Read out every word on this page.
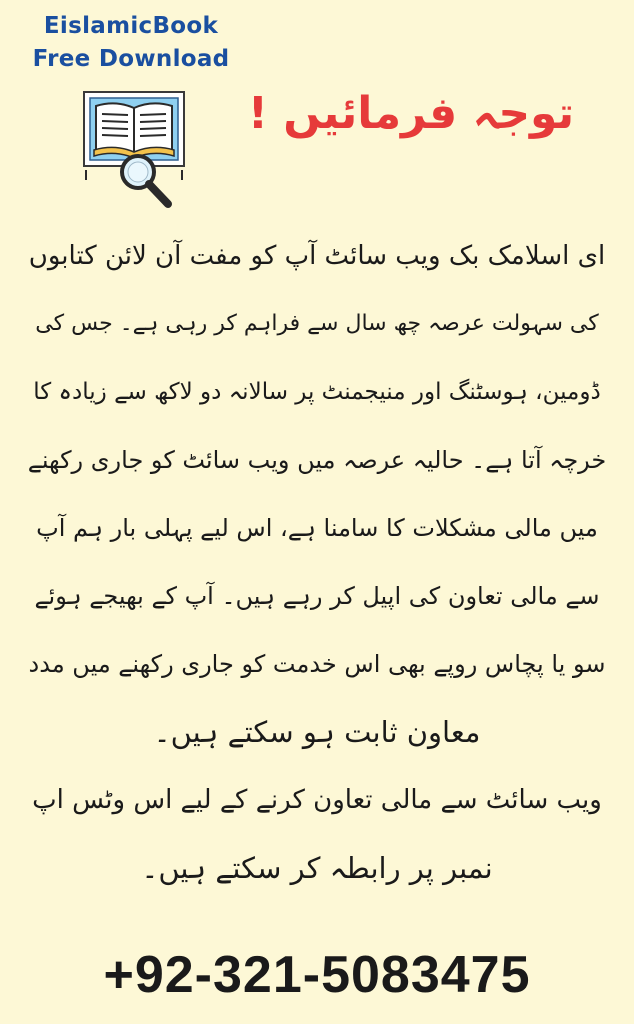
EislamicBook
Free Download
توجہ فرمائیں !
ای اسلامک بک ویب سائٹ آپ کو مفت آن لائن کتابوں
کی سہولت عرصہ چھ سال سے فراہم کر رہی ہے۔ جس کی
ڈومین، ہوسٹنگ اور منیجمنٹ پر سالانہ دو لاکھ سے زیادہ کا
خرچہ آتا ہے۔ حالیہ عرصہ میں ویب سائٹ کو جاری رکھنے
میں مالی مشکلات کا سامنا ہے، اس لیے پہلی بار ہم آپ
سے مالی تعاون کی اپیل کر رہے ہیں۔ آپ کے بھیجے ہوئے
سو یا پچاس روپے بھی اس خدمت کو جاری رکھنے میں مدد
معاون ثابت ہو سکتے ہیں۔
ویب سائٹ سے مالی تعاون کرنے کے لیے اس وٹس اپ
نمبر پر رابطہ کر سکتے ہیں۔
+92-321-5083475
